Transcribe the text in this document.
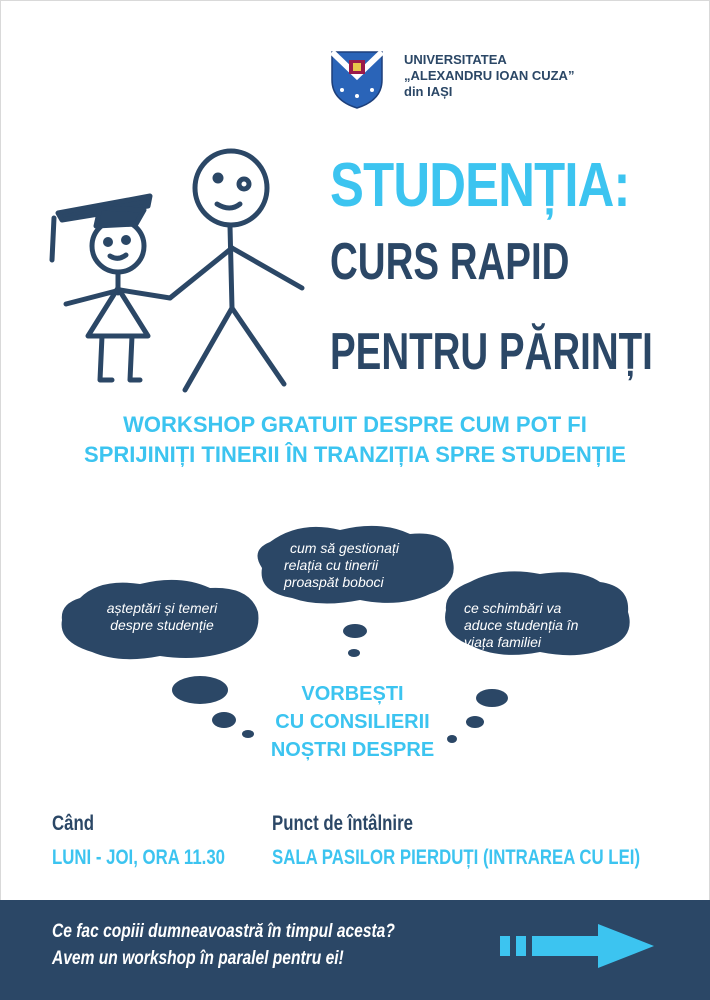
UNIVERSITATEA
„ALEXANDRU IOAN CUZA”
din IAȘI
STUDENȚIA:
CURS RAPID
PENTRU PĂRINȚI
WORKSHOP GRATUIT DESPRE CUM POT FI
SPRIJINIȚI TINERII ÎN TRANZIȚIA SPRE STUDENȚIE
cum să gestionați
relația cu tinerii
proaspăt boboci
așteptări și temeri
despre studenție
ce schimbări va
aduce studenția în
viața familiei
VORBEȘTI
CU CONSILIERII
NOȘTRI DESPRE
Când
LUNI - JOI, ORA 11.30
Punct de întâlnire
SALA PASILOR PIERDUȚI (INTRAREA CU LEI)
Ce fac copiii dumneavoastră în timpul acesta?
Avem un workshop în paralel pentru ei!
